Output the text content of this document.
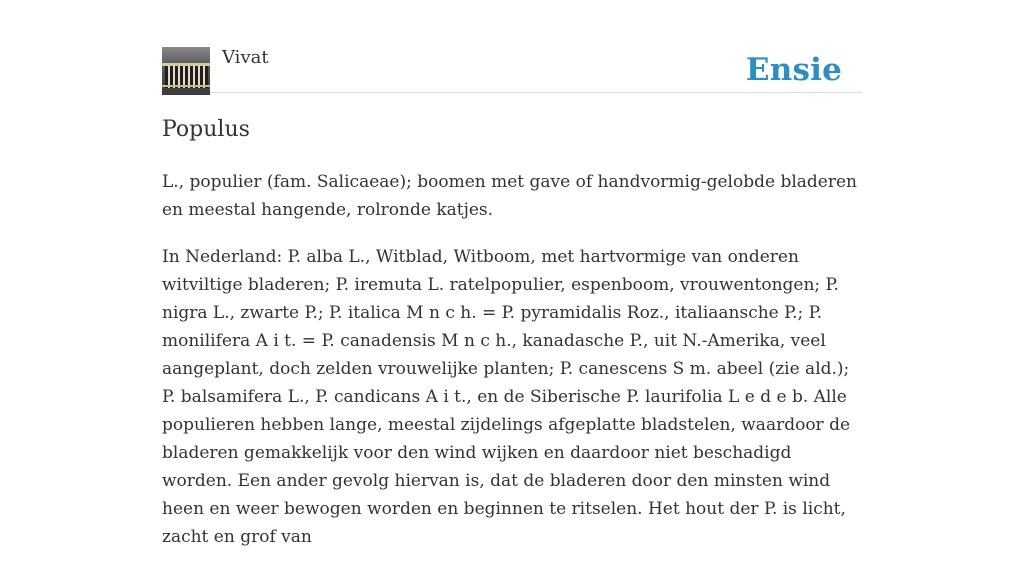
Vivat	Ensie
Populus

L., populier (fam. Salicaeae); boomen met gave of handvormig-gelobde bladeren en meestal hangende, rolronde katjes.

In Nederland: P. alba L., Witblad, Witboom, met hartvormige van onderen witviltige bladeren; P. iremuta L. ratelpopulier, espenboom, vrouwentongen; P. nigra L., zwarte P.; P. italica M n c h. = P. pyramidalis Roz., italiaansche P.; P. monilifera A i t. = P. canadensis M n c h., kanadasche P., uit N.-Amerika, veel aangeplant, doch zelden vrouwelijke planten; P. canescens S m. abeel (zie ald.); P. balsamifera L., P. candicans A i t., en de Siberische P. laurifolia L e d e b. Alle populieren hebben lange, meestal zijdelings afgeplatte bladstelen, waardoor de bladeren gemakkelijk voor den wind wijken en daardoor niet beschadigd worden. Een ander gevolg hiervan is, dat de bladeren door den minsten wind heen en weer bewogen worden en beginnen te ritselen. Het hout der P. is licht, zacht en grof van
